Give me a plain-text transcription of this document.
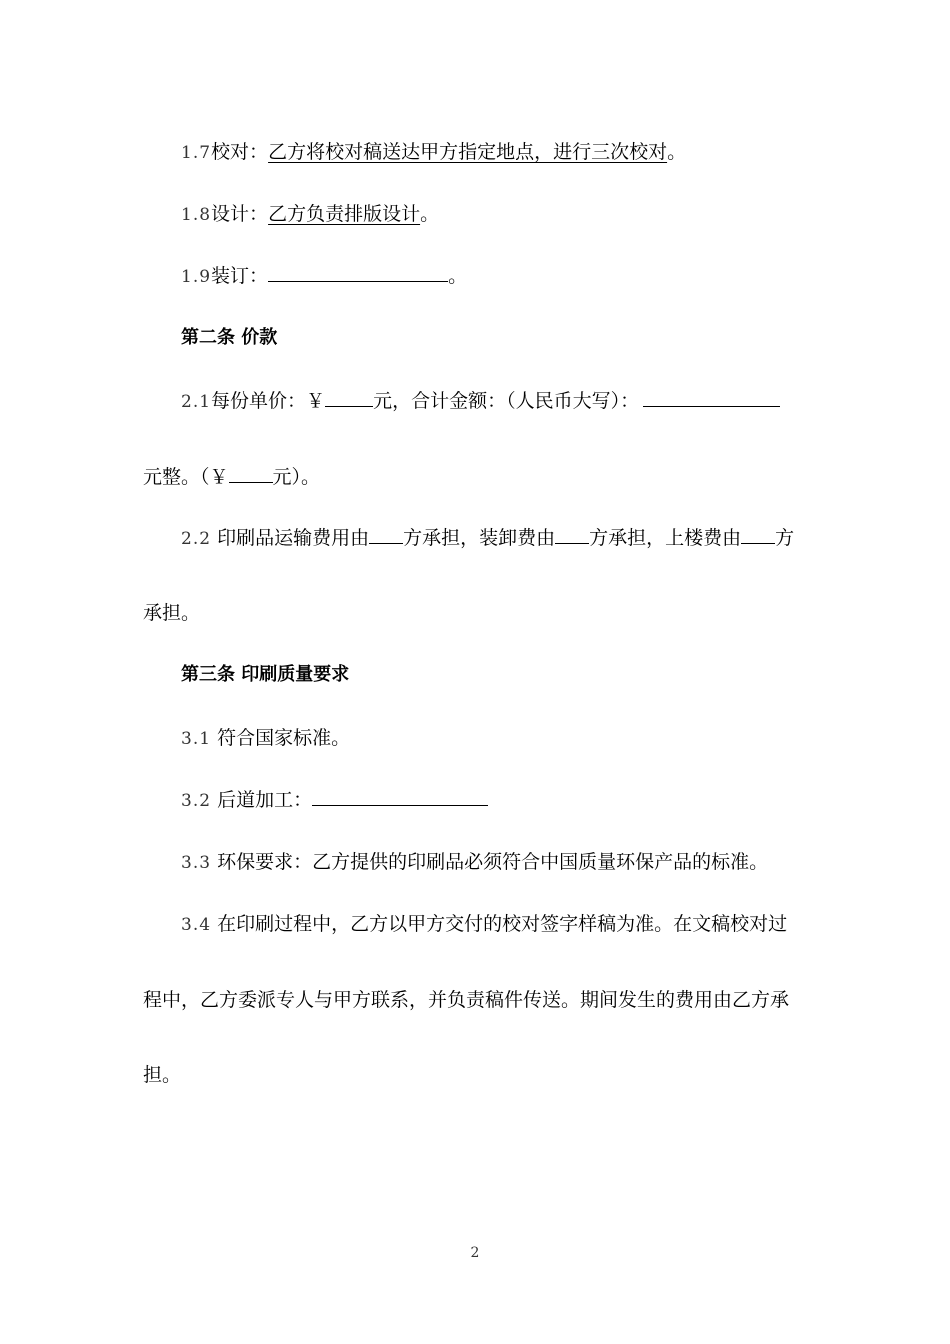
1.7校对：乙方将校对稿送达甲方指定地点，进行三次校对。
1.8设计：乙方负责排版设计。
1.9装订：	。
第二条 价款
2.1每份单价：￥	元，合计金额：（人民币大写）：
元整。（￥ 元）。
2.2 印刷品运输费用由 方承担，装卸费由 方承担，上楼费由 方
承担。
第三条 印刷质量要求
3.1 符合国家标准。
3.2 后道加工：
3.3 环保要求：乙方提供的印刷品必须符合中国质量环保产品的标准。
3.4 在印刷过程中，乙方以甲方交付的校对签字样稿为准。在文稿校对过
程中，乙方委派专人与甲方联系，并负责稿件传送。期间发生的费用由乙方承
担。
2
